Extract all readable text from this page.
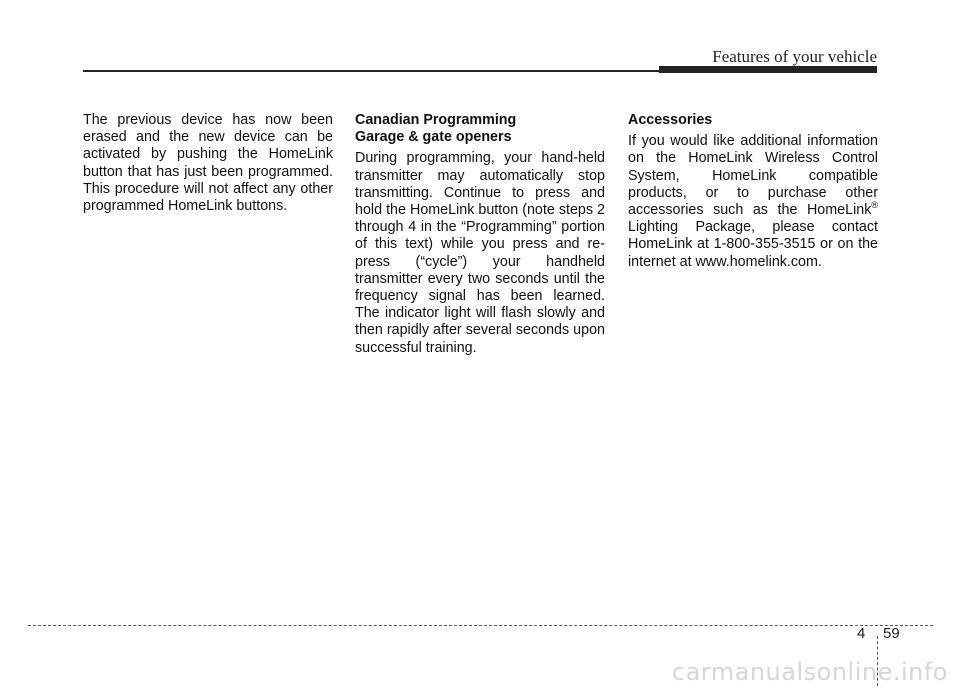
Features of your vehicle

The previous device has now been erased and the new device can be activated by pushing the HomeLink button that has just been programmed. This procedure will not affect any other programmed HomeLink buttons.

Canadian Programming
Garage & gate openers

During programming, your hand-held transmitter may automatically stop transmitting. Continue to press and hold the HomeLink button (note steps 2 through 4 in the “Programming” portion of this text) while you press and re-press (“cycle”) your handheld transmitter every two seconds until the frequency signal has been learned. The indicator light will flash slowly and then rapidly after several seconds upon successful training.

Accessories

If you would like additional information on the HomeLink Wireless Control System, HomeLink compatible products, or to purchase other accessories such as the HomeLink® Lighting Package, please contact HomeLink at 1-800-355-3515 or on the internet at www.homelink.com.

4 59
carmanualsonline.info
